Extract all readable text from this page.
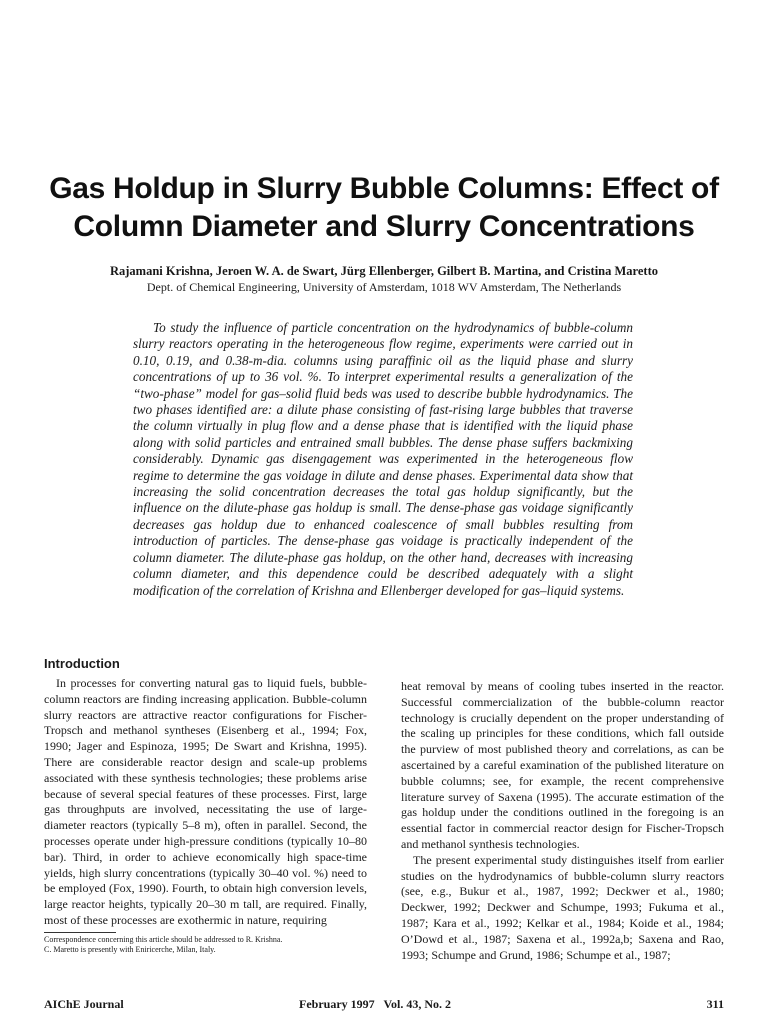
Gas Holdup in Slurry Bubble Columns: Effect of
Column Diameter and Slurry Concentrations

Rajamani Krishna, Jeroen W. A. de Swart, Jürg Ellenberger, Gilbert B. Martina, and Cristina Maretto

Dept. of Chemical Engineering, University of Amsterdam, 1018 WV Amsterdam, The Netherlands

To study the influence of particle concentration on the hydrodynamics of bubble-column slurry reactors operating in the heterogeneous flow regime, experiments were carried out in 0.10, 0.19, and 0.38-m-dia. columns using paraffinic oil as the liquid phase and slurry concentrations of up to 36 vol. %. To interpret experimental results a generalization of the “two-phase” model for gas–solid fluid beds was used to describe bubble hydrodynamics. The two phases identified are: a dilute phase consisting of fast-rising large bubbles that traverse the column virtually in plug flow and a dense phase that is identified with the liquid phase along with solid particles and entrained small bubbles. The dense phase suffers backmixing considerably. Dynamic gas disengagement was experimented in the heterogeneous flow regime to determine the gas voidage in dilute and dense phases. Experimental data show that increasing the solid concentration decreases the total gas holdup significantly, but the influence on the dilute-phase gas holdup is small. The dense-phase gas voidage significantly decreases gas holdup due to enhanced coalescence of small bubbles resulting from introduction of particles. The dense-phase gas voidage is practically independent of the column diameter. The dilute-phase gas holdup, on the other hand, decreases with increasing column diameter, and this dependence could be described adequately with a slight modification of the correlation of Krishna and Ellenberger developed for gas–liquid systems.

Introduction

In processes for converting natural gas to liquid fuels, bubble-column reactors are finding increasing application. Bubble-column slurry reactors are attractive reactor configurations for Fischer-Tropsch and methanol syntheses (Eisenberg et al., 1994; Fox, 1990; Jager and Espinoza, 1995; De Swart and Krishna, 1995). There are considerable reactor design and scale-up problems associated with these synthesis technologies; these problems arise because of several special features of these processes. First, large gas throughputs are involved, necessitating the use of large-diameter reactors (typically 5–8 m), often in parallel. Second, the processes operate under high-pressure conditions (typically 10–80 bar). Third, in order to achieve economically high space-time yields, high slurry concentrations (typically 30–40 vol. %) need to be employed (Fox, 1990). Fourth, to obtain high conversion levels, large reactor heights, typically 20–30 m tall, are required. Finally, most of these processes are exothermic in nature, requiring

heat removal by means of cooling tubes inserted in the reactor. Successful commercialization of the bubble-column reactor technology is crucially dependent on the proper understanding of the scaling up principles for these conditions, which fall outside the purview of most published theory and correlations, as can be ascertained by a careful examination of the published literature on bubble columns; see, for example, the recent comprehensive literature survey of Saxena (1995). The accurate estimation of the gas holdup under the conditions outlined in the foregoing is an essential factor in commercial reactor design for Fischer-Tropsch and methanol synthesis technologies.

The present experimental study distinguishes itself from earlier studies on the hydrodynamics of bubble-column slurry reactors (see, e.g., Bukur et al., 1987, 1992; Deckwer et al., 1980; Deckwer, 1992; Deckwer and Schumpe, 1993; Fukuma et al., 1987; Kara et al., 1992; Kelkar et al., 1984; Koide et al., 1984; O’Dowd et al., 1987; Saxena et al., 1992a,b; Saxena and Rao, 1993; Schumpe and Grund, 1986; Schumpe et al., 1987;

Correspondence concerning this article should be addressed to R. Krishna.
C. Maretto is presently with Eniricerche, Milan, Italy.
AIChE Journal	February 1997   Vol. 43, No. 2	311
